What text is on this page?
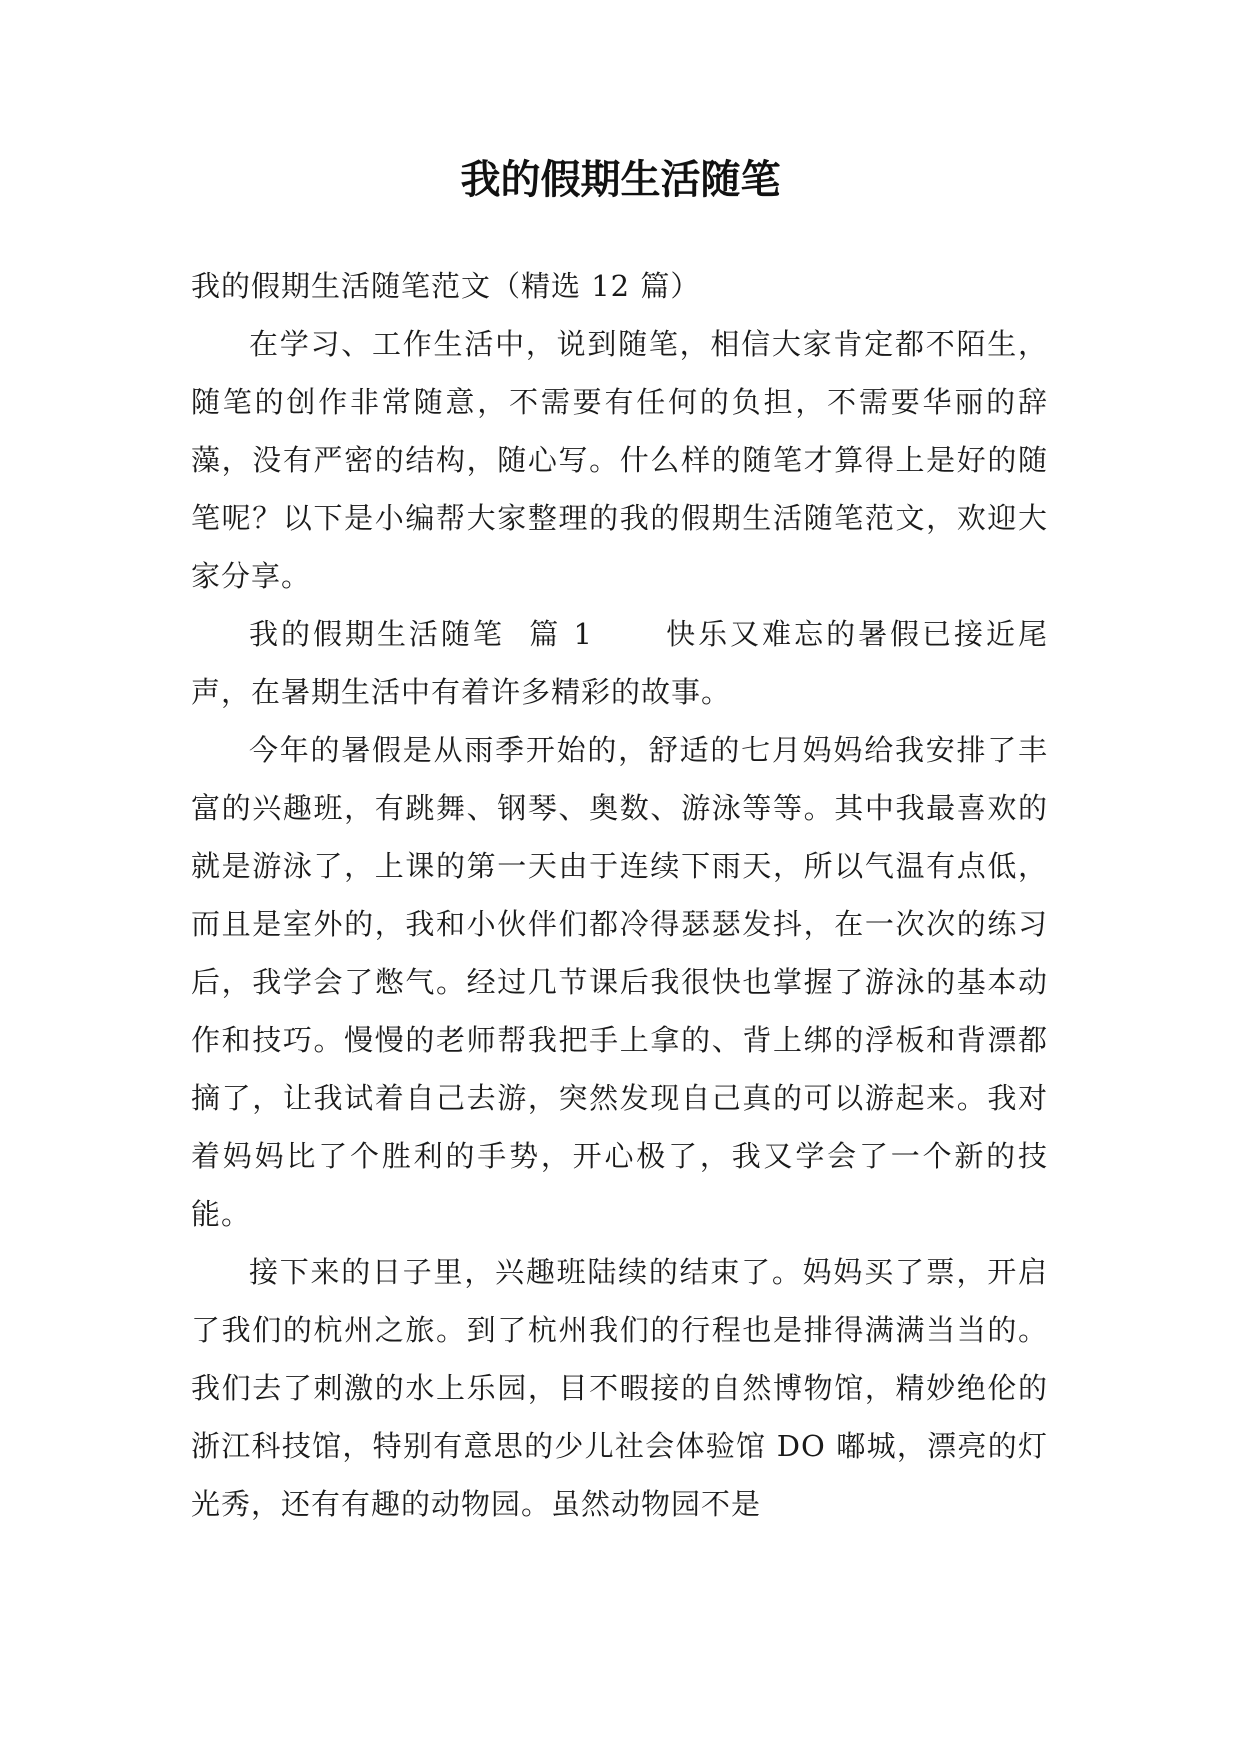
我的假期生活随笔

我的假期生活随笔范文（精选 12 篇）

在学习、工作生活中，说到随笔，相信大家肯定都不陌生，随笔的创作非常随意，不需要有任何的负担，不需要华丽的辞藻，没有严密的结构，随心写。什么样的随笔才算得上是好的随笔呢？以下是小编帮大家整理的我的假期生活随笔范文，欢迎大家分享。

我的假期生活随笔  篇 1      快乐又难忘的暑假已接近尾声，在暑期生活中有着许多精彩的故事。

今年的暑假是从雨季开始的，舒适的七月妈妈给我安排了丰富的兴趣班，有跳舞、钢琴、奥数、游泳等等。其中我最喜欢的就是游泳了，上课的第一天由于连续下雨天，所以气温有点低，而且是室外的，我和小伙伴们都冷得瑟瑟发抖，在一次次的练习后，我学会了憋气。经过几节课后我很快也掌握了游泳的基本动作和技巧。慢慢的老师帮我把手上拿的、背上绑的浮板和背漂都摘了，让我试着自己去游，突然发现自己真的可以游起来。我对着妈妈比了个胜利的手势，开心极了，我又学会了一个新的技能。

接下来的日子里，兴趣班陆续的结束了。妈妈买了票，开启了我们的杭州之旅。到了杭州我们的行程也是排得满满当当的。我们去了刺激的水上乐园，目不暇接的自然博物馆，精妙绝伦的浙江科技馆，特别有意思的少儿社会体验馆 DO 嘟城，漂亮的灯光秀，还有有趣的动物园。虽然动物园不是
